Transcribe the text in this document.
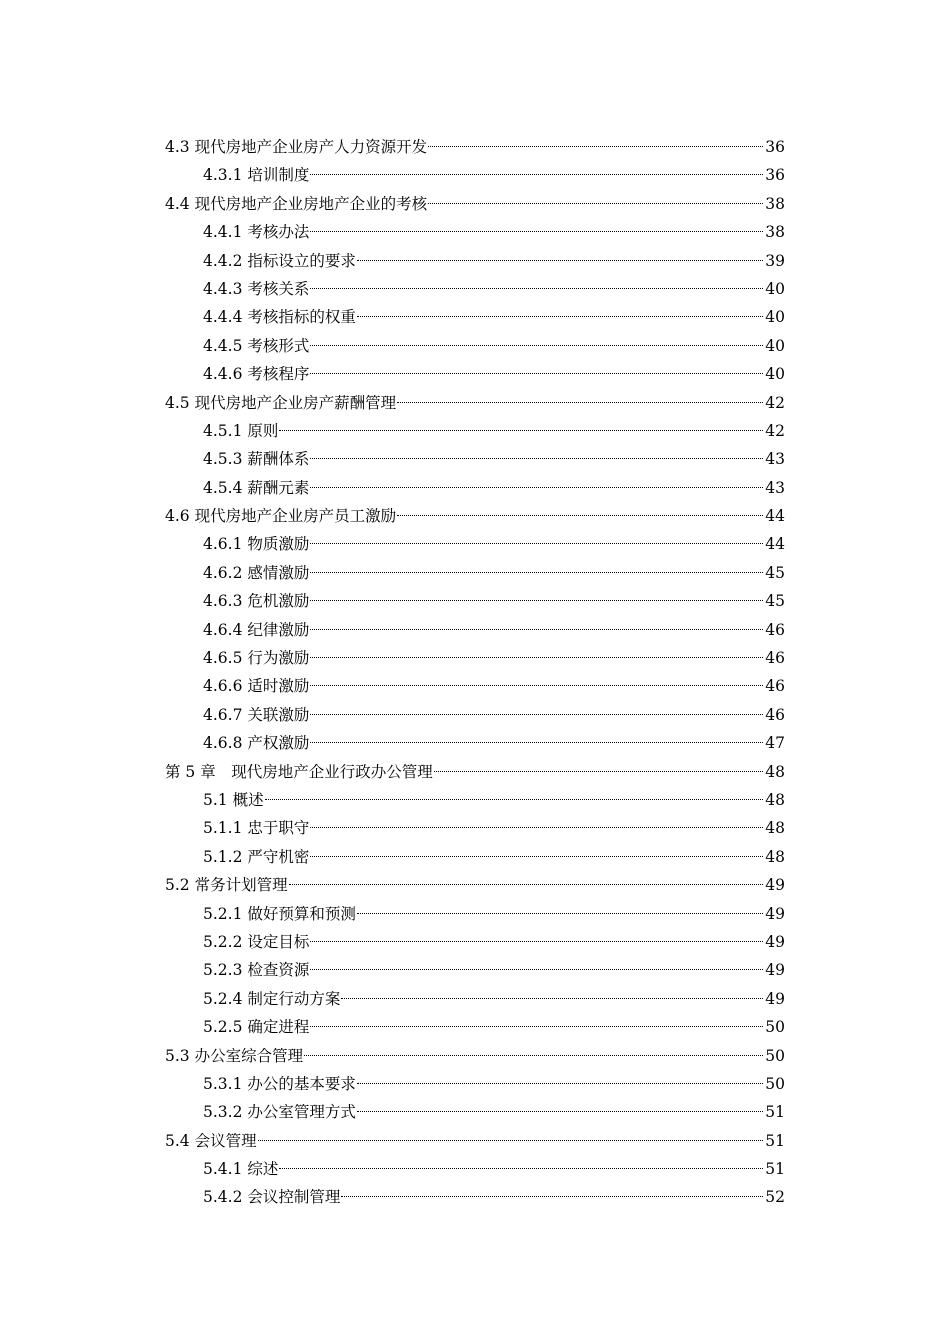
4.3 现代房地产企业房产人力资源开发	36
4.3.1 培训制度	36
4.4 现代房地产企业房地产企业的考核	38
4.4.1 考核办法	38
4.4.2 指标设立的要求	39
4.4.3 考核关系	40
4.4.4 考核指标的权重	40
4.4.5 考核形式	40
4.4.6 考核程序	40
4.5 现代房地产企业房产薪酬管理	42
4.5.1 原则	42
4.5.3 薪酬体系	43
4.5.4 薪酬元素	43
4.6 现代房地产企业房产员工激励	44
4.6.1 物质激励	44
4.6.2 感情激励	45
4.6.3 危机激励	45
4.6.4 纪律激励	46
4.6.5 行为激励	46
4.6.6 适时激励	46
4.6.7 关联激励	46
4.6.8 产权激励	47
第 5 章　现代房地产企业行政办公管理	48
5.1 概述	48
5.1.1 忠于职守	48
5.1.2 严守机密	48
5.2 常务计划管理	49
5.2.1 做好预算和预测	49
5.2.2 设定目标	49
5.2.3 检查资源	49
5.2.4 制定行动方案	49
5.2.5 确定进程	50
5.3 办公室综合管理	50
5.3.1 办公的基本要求	50
5.3.2 办公室管理方式	51
5.4 会议管理	51
5.4.1 综述	51
5.4.2 会议控制管理	52
